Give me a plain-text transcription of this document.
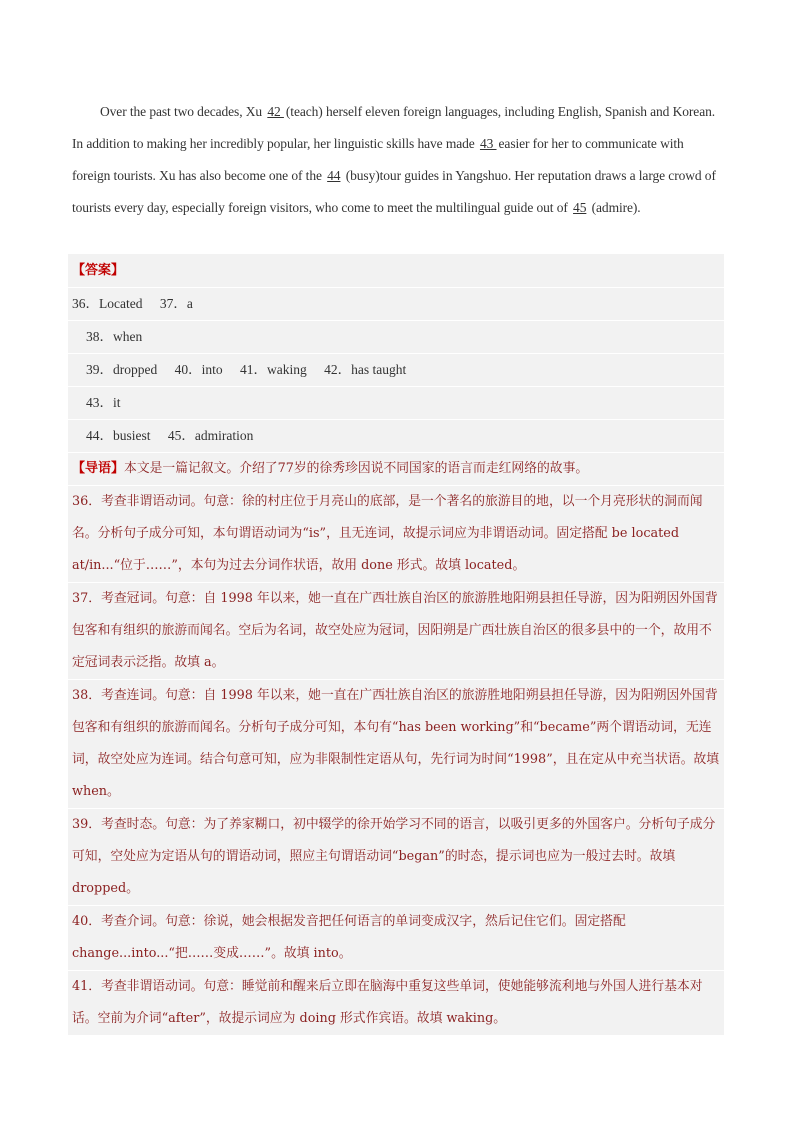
Over the past two decades, Xu 42 (teach) herself eleven foreign languages, including English, Spanish and Korean. In addition to making her incredibly popular, her linguistic skills have made 43 easier for her to communicate with foreign tourists. Xu has also become one of the 44 (busy)tour guides in Yangshuo. Her reputation draws a large crowd of tourists every day, especially foreign visitors, who come to meet the multilingual guide out of 45 (admire).

【答案】
36．Located 37．a
38．when
39．dropped 40．into 41．waking 42．has taught
43．it
44．busiest 45．admiration
【导语】本文是一篇记叙文。介绍了77岁的徐秀珍因说不同国家的语言而走红网络的故事。
36．考查非谓语动词。句意：徐的村庄位于月亮山的底部，是一个著名的旅游目的地，以一个月亮形状的洞而闻名。分析句子成分可知，本句谓语动词为“is”，且无连词，故提示词应为非谓语动词。固定搭配 be located at/in...“位于……”，本句为过去分词作状语，故用 done 形式。故填 located。
37．考查冠词。句意：自 1998 年以来，她一直在广西壮族自治区的旅游胜地阳朔县担任导游，因为阳朔因外国背包客和有组织的旅游而闻名。空后为名词，故空处应为冠词，因阳朔是广西壮族自治区的很多县中的一个，故用不定冠词表示泛指。故填 a。
38．考查连词。句意：自 1998 年以来，她一直在广西壮族自治区的旅游胜地阳朔县担任导游，因为阳朔因外国背包客和有组织的旅游而闻名。分析句子成分可知，本句有“has been working”和“became”两个谓语动词，无连词，故空处应为连词。结合句意可知，应为非限制性定语从句，先行词为时间“1998”，且在定从中充当状语。故填 when。
39．考查时态。句意：为了养家糊口，初中辍学的徐开始学习不同的语言，以吸引更多的外国客户。分析句子成分可知，空处应为定语从句的谓语动词，照应主句谓语动词“began”的时态，提示词也应为一般过去时。故填 dropped。
40．考查介词。句意：徐说，她会根据发音把任何语言的单词变成汉字，然后记住它们。固定搭配 change...into...“把……变成……”。故填 into。
41．考查非谓语动词。句意：睡觉前和醒来后立即在脑海中重复这些单词，使她能够流利地与外国人进行基本对话。空前为介词“after”，故提示词应为 doing 形式作宾语。故填 waking。
